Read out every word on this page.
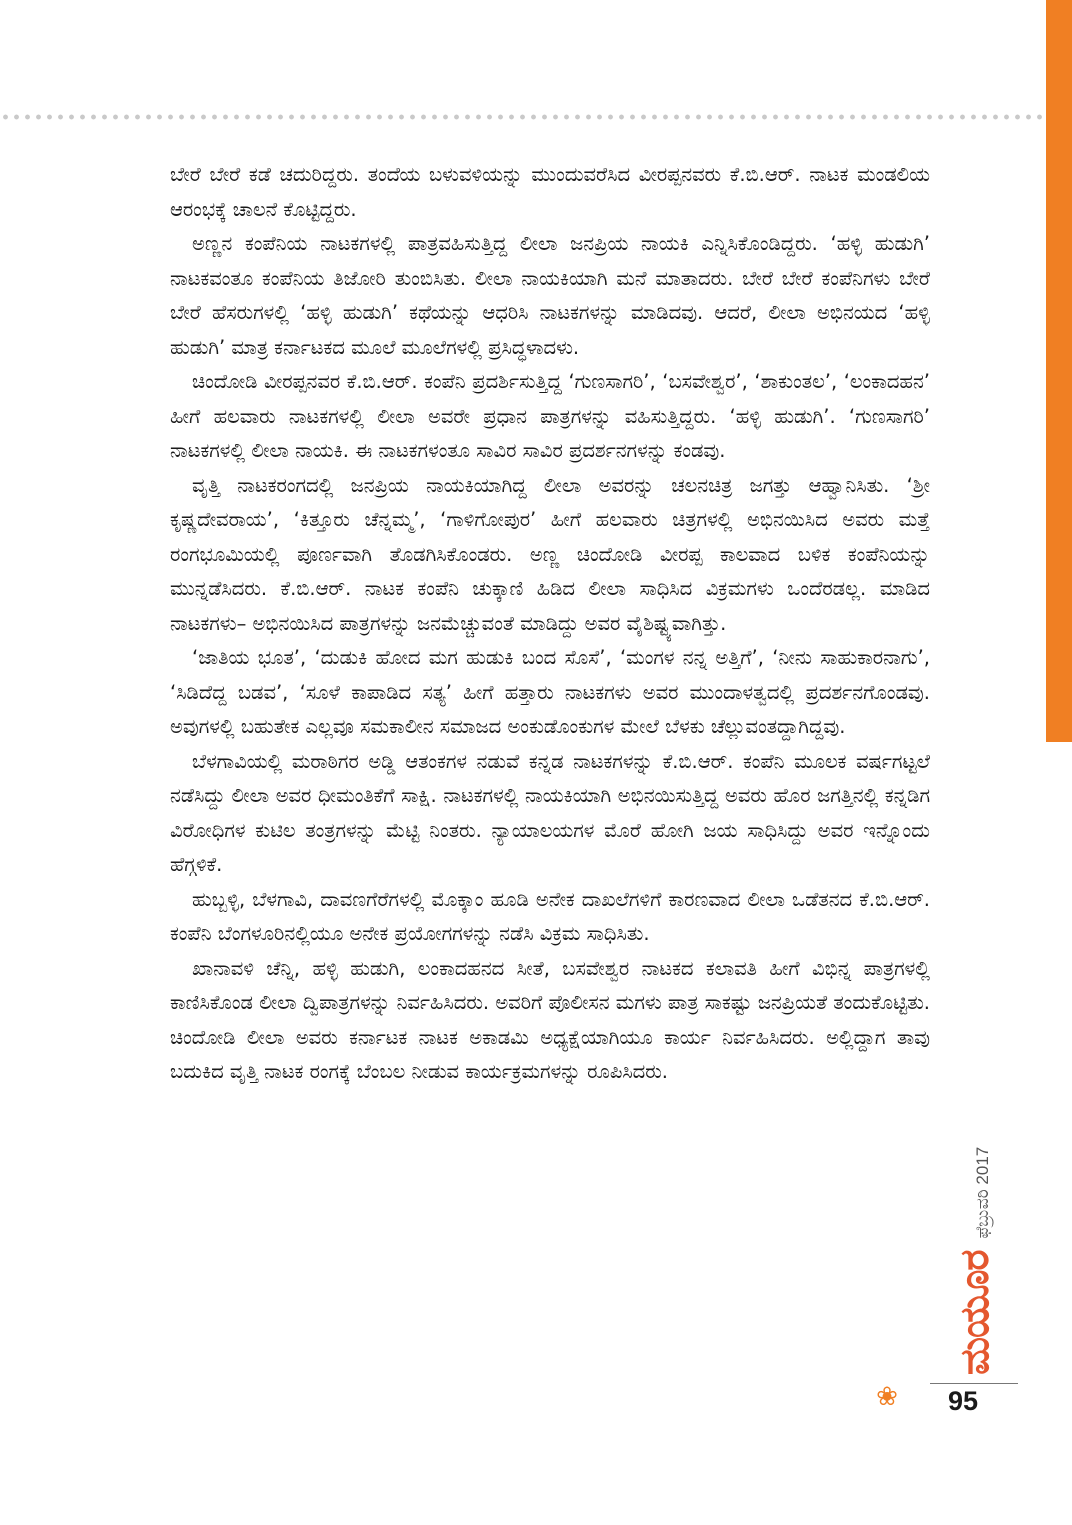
ಬೇರೆ ಬೇರೆ ಕಡೆ ಚದುರಿದ್ದರು. ತಂದೆಯ ಬಳುವಳಿಯನ್ನು ಮುಂದುವರೆಸಿದ ವೀರಪ್ಪನವರು ಕೆ.ಬಿ.ಆರ್. ನಾಟಕ ಮಂಡಲಿಯ ಆರಂಭಕ್ಕೆ ಚಾಲನೆ ಕೊಟ್ಟಿದ್ದರು.

ಅಣ್ಣನ ಕಂಪೆನಿಯ ನಾಟಕಗಳಲ್ಲಿ ಪಾತ್ರವಹಿಸುತ್ತಿದ್ದ ಲೀಲಾ ಜನಪ್ರಿಯ ನಾಯಕಿ ಎನ್ನಿಸಿಕೊಂಡಿದ್ದರು. ‘ಹಳ್ಳಿ ಹುಡುಗಿ’ ನಾಟಕವಂತೂ ಕಂಪೆನಿಯ ತಿಜೋರಿ ತುಂಬಿಸಿತು. ಲೀಲಾ ನಾಯಕಿಯಾಗಿ ಮನೆ ಮಾತಾದರು. ಬೇರೆ ಬೇರೆ ಕಂಪೆನಿಗಳು ಬೇರೆ ಬೇರೆ ಹೆಸರುಗಳಲ್ಲಿ ‘ಹಳ್ಳಿ ಹುಡುಗಿ’ ಕಥೆಯನ್ನು ಆಧರಿಸಿ ನಾಟಕಗಳನ್ನು ಮಾಡಿದವು. ಆದರೆ, ಲೀಲಾ ಅಭಿನಯದ ‘ಹಳ್ಳಿ ಹುಡುಗಿ’ ಮಾತ್ರ ಕರ್ನಾಟಕದ ಮೂಲೆ ಮೂಲೆಗಳಲ್ಲಿ ಪ್ರಸಿದ್ಧಳಾದಳು.

ಚಿಂದೋಡಿ ವೀರಪ್ಪನವರ ಕೆ.ಬಿ.ಆರ್. ಕಂಪೆನಿ ಪ್ರದರ್ಶಿಸುತ್ತಿದ್ದ ‘ಗುಣಸಾಗರಿ’, ‘ಬಸವೇಶ್ವರ’, ‘ಶಾಕುಂತಲ’, ‘ಲಂಕಾದಹನ’ ಹೀಗೆ ಹಲವಾರು ನಾಟಕಗಳಲ್ಲಿ ಲೀಲಾ ಅವರೇ ಪ್ರಧಾನ ಪಾತ್ರಗಳನ್ನು ವಹಿಸುತ್ತಿದ್ದರು. ‘ಹಳ್ಳಿ ಹುಡುಗಿ’. ‘ಗುಣಸಾಗರಿ’ ನಾಟಕಗಳಲ್ಲಿ ಲೀಲಾ ನಾಯಕಿ. ಈ ನಾಟಕಗಳಂತೂ ಸಾವಿರ ಸಾವಿರ ಪ್ರದರ್ಶನಗಳನ್ನು ಕಂಡವು.

ವೃತ್ತಿ ನಾಟಕರಂಗದಲ್ಲಿ ಜನಪ್ರಿಯ ನಾಯಕಿಯಾಗಿದ್ದ ಲೀಲಾ ಅವರನ್ನು ಚಲನಚಿತ್ರ ಜಗತ್ತು ಆಹ್ವಾನಿಸಿತು. ‘ಶ್ರೀ ಕೃಷ್ಣದೇವರಾಯ’, ‘ಕಿತ್ತೂರು ಚೆನ್ನಮ್ಮ’, ‘ಗಾಳಿಗೋಪುರ’ ಹೀಗೆ ಹಲವಾರು ಚಿತ್ರಗಳಲ್ಲಿ ಅಭಿನಯಿಸಿದ ಅವರು ಮತ್ತೆ ರಂಗಭೂಮಿಯಲ್ಲಿ ಪೂರ್ಣವಾಗಿ ತೊಡಗಿಸಿಕೊಂಡರು. ಅಣ್ಣ ಚಿಂದೋಡಿ ವೀರಪ್ಪ ಕಾಲವಾದ ಬಳಿಕ ಕಂಪೆನಿಯನ್ನು ಮುನ್ನಡೆಸಿದರು. ಕೆ.ಬಿ.ಆರ್. ನಾಟಕ ಕಂಪೆನಿ ಚುಕ್ಕಾಣಿ ಹಿಡಿದ ಲೀಲಾ ಸಾಧಿಸಿದ ವಿಕ್ರಮಗಳು ಒಂದೆರಡಲ್ಲ. ಮಾಡಿದ ನಾಟಕಗಳು– ಅಭಿನಯಿಸಿದ ಪಾತ್ರಗಳನ್ನು ಜನಮೆಚ್ಚುವಂತೆ ಮಾಡಿದ್ದು ಅವರ ವೈಶಿಷ್ಟ್ಯವಾಗಿತ್ತು.

‘ಜಾತಿಯ ಭೂತ’, ‘ದುಡುಕಿ ಹೋದ ಮಗ ಹುಡುಕಿ ಬಂದ ಸೊಸೆ’, ‘ಮಂಗಳ ನನ್ನ ಅತ್ತಿಗೆ’, ‘ನೀನು ಸಾಹುಕಾರನಾಗು’, ‘ಸಿಡಿದೆದ್ದ ಬಡವ’, ‘ಸೂಳೆ ಕಾಪಾಡಿದ ಸತ್ಯ’ ಹೀಗೆ ಹತ್ತಾರು ನಾಟಕಗಳು ಅವರ ಮುಂದಾಳತ್ವದಲ್ಲಿ ಪ್ರದರ್ಶನಗೊಂಡವು. ಅವುಗಳಲ್ಲಿ ಬಹುತೇಕ ಎಲ್ಲವೂ ಸಮಕಾಲೀನ ಸಮಾಜದ ಅಂಕುಡೊಂಕುಗಳ ಮೇಲೆ ಬೆಳಕು ಚೆಲ್ಲುವಂತದ್ದಾಗಿದ್ದವು.

ಬೆಳಗಾವಿಯಲ್ಲಿ ಮರಾಠಿಗರ ಅಡ್ಡಿ ಆತಂಕಗಳ ನಡುವೆ ಕನ್ನಡ ನಾಟಕಗಳನ್ನು ಕೆ.ಬಿ.ಆರ್. ಕಂಪೆನಿ ಮೂಲಕ ವರ್ಷಗಟ್ಟಲೆ ನಡೆಸಿದ್ದು ಲೀಲಾ ಅವರ ಧೀಮಂತಿಕೆಗೆ ಸಾಕ್ಷಿ. ನಾಟಕಗಳಲ್ಲಿ ನಾಯಕಿಯಾಗಿ ಅಭಿನಯಿಸುತ್ತಿದ್ದ ಅವರು ಹೊರ ಜಗತ್ತಿನಲ್ಲಿ ಕನ್ನಡಿಗ ವಿರೋಧಿಗಳ ಕುಟಿಲ ತಂತ್ರಗಳನ್ನು ಮೆಟ್ಟಿ ನಿಂತರು. ನ್ಯಾಯಾಲಯಗಳ ಮೊರೆ ಹೋಗಿ ಜಯ ಸಾಧಿಸಿದ್ದು ಅವರ ಇನ್ನೊಂದು ಹೆಗ್ಗಳಿಕೆ.

ಹುಬ್ಬಳ್ಳಿ, ಬೆಳಗಾವಿ, ದಾವಣಗೆರೆಗಳಲ್ಲಿ ಮೊಕ್ಕಾಂ ಹೂಡಿ ಅನೇಕ ದಾಖಲೆಗಳಿಗೆ ಕಾರಣವಾದ ಲೀಲಾ ಒಡೆತನದ ಕೆ.ಬಿ.ಆರ್. ಕಂಪೆನಿ ಬೆಂಗಳೂರಿನಲ್ಲಿಯೂ ಅನೇಕ ಪ್ರಯೋಗಗಳನ್ನು ನಡೆಸಿ ವಿಕ್ರಮ ಸಾಧಿಸಿತು.

ಖಾನಾವಳಿ ಚೆನ್ನಿ, ಹಳ್ಳಿ ಹುಡುಗಿ, ಲಂಕಾದಹನದ ಸೀತೆ, ಬಸವೇಶ್ವರ ನಾಟಕದ ಕಲಾವತಿ ಹೀಗೆ ವಿಭಿನ್ನ ಪಾತ್ರಗಳಲ್ಲಿ ಕಾಣಿಸಿಕೊಂಡ ಲೀಲಾ ದ್ವಿಪಾತ್ರಗಳನ್ನು ನಿರ್ವಹಿಸಿದರು. ಅವರಿಗೆ ಪೊಲೀಸನ ಮಗಳು ಪಾತ್ರ ಸಾಕಷ್ಟು ಜನಪ್ರಿಯತೆ ತಂದುಕೊಟ್ಟಿತು. ಚಿಂದೋಡಿ ಲೀಲಾ ಅವರು ಕರ್ನಾಟಕ ನಾಟಕ ಅಕಾಡಮಿ ಅಧ್ಯಕ್ಷೆಯಾಗಿಯೂ ಕಾರ್ಯ ನಿರ್ವಹಿಸಿದರು. ಅಲ್ಲಿದ್ದಾಗ ತಾವು ಬದುಕಿದ ವೃತ್ತಿ ನಾಟಕ ರಂಗಕ್ಕೆ ಬೆಂಬಲ ನೀಡುವ ಕಾರ್ಯಕ್ರಮಗಳನ್ನು ರೂಪಿಸಿದರು.

ಮಯೂರ
ಫೆಬ್ರುವರಿ 2017
❀	95
